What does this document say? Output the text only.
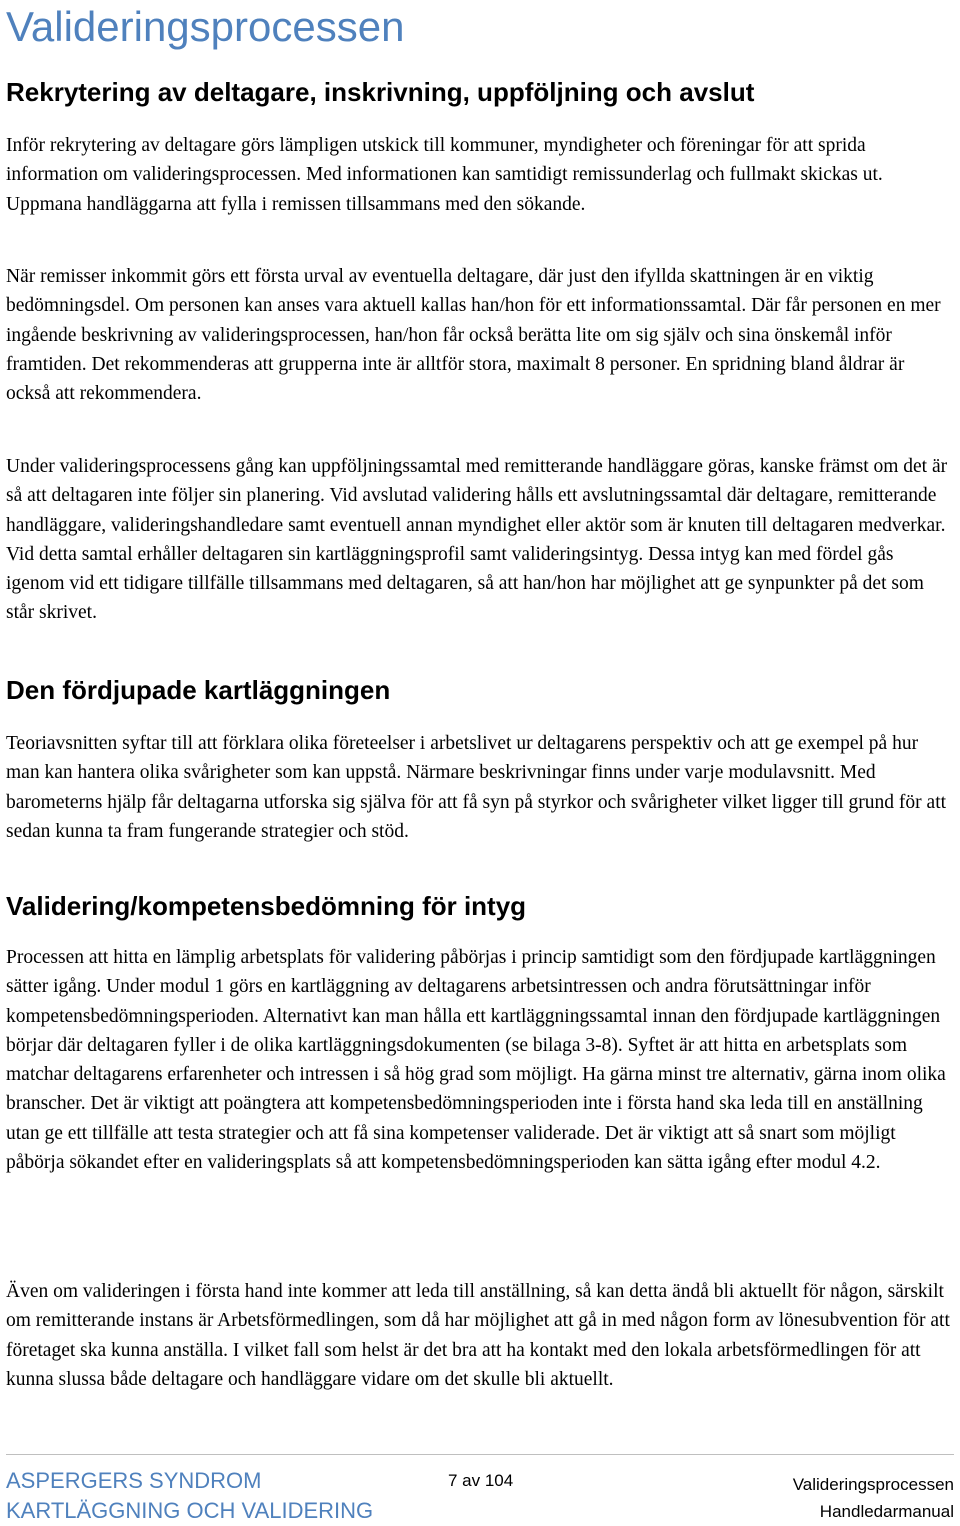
Valideringsprocessen
Rekrytering av deltagare, inskrivning, uppföljning och avslut

Inför rekrytering av deltagare görs lämpligen utskick till kommuner, myndigheter och föreningar för att sprida information om valideringsprocessen. Med informationen kan samtidigt remissunderlag och fullmakt skickas ut. Uppmana handläggarna att fylla i remissen tillsammans med den sökande.

När remisser inkommit görs ett första urval av eventuella deltagare, där just den ifyllda skattningen är en viktig bedömningsdel. Om personen kan anses vara aktuell kallas han/hon för ett informationssamtal. Där får personen en mer ingående beskrivning av valideringsprocessen, han/hon får också berätta lite om sig själv och sina önskemål inför framtiden. Det rekommenderas att grupperna inte är alltför stora, maximalt 8 personer. En spridning bland åldrar är också att rekommendera.

Under valideringsprocessens gång kan uppföljningssamtal med remitterande handläggare göras, kanske främst om det är så att deltagaren inte följer sin planering. Vid avslutad validering hålls ett avslutningssamtal där deltagare, remitterande handläggare, valideringshandledare samt eventuell annan myndighet eller aktör som är knuten till deltagaren medverkar. Vid detta samtal erhåller deltagaren sin kartläggningsprofil samt valideringsintyg. Dessa intyg kan med fördel gås igenom vid ett tidigare tillfälle tillsammans med deltagaren, så att han/hon har möjlighet att ge synpunkter på det som står skrivet.

Den fördjupade kartläggningen

Teoriavsnitten syftar till att förklara olika företeelser i arbetslivet ur deltagarens perspektiv och att ge exempel på hur man kan hantera olika svårigheter som kan uppstå. Närmare beskrivningar finns under varje modulavsnitt. Med barometerns hjälp får deltagarna utforska sig själva för att få syn på styrkor och svårigheter vilket ligger till grund för att sedan kunna ta fram fungerande strategier och stöd.

Validering/kompetensbedömning för intyg

Processen att hitta en lämplig arbetsplats för validering påbörjas i princip samtidigt som den fördjupade kartläggningen sätter igång. Under modul 1 görs en kartläggning av deltagarens arbetsintressen och andra förutsättningar inför kompetensbedömningsperioden. Alternativt kan man hålla ett kartläggningssamtal innan den fördjupade kartläggningen börjar där deltagaren fyller i de olika kartläggningsdokumenten (se bilaga 3-8). Syftet är att hitta en arbetsplats som matchar deltagarens erfarenheter och intressen i så hög grad som möjligt. Ha gärna minst tre alternativ, gärna inom olika branscher. Det är viktigt att poängtera att kompetensbedömningsperioden inte i första hand ska leda till en anställning utan ge ett tillfälle att testa strategier och att få sina kompetenser validerade. Det är viktigt att så snart som möjligt påbörja sökandet efter en valideringsplats så att kompetensbedömningsperioden kan sätta igång efter modul 4.2.

Även om valideringen i första hand inte kommer att leda till anställning, så kan detta ändå bli aktuellt för någon, särskilt om remitterande instans är Arbetsförmedlingen, som då har möjlighet att gå in med någon form av lönesubvention för att företaget ska kunna anställa. I vilket fall som helst är det bra att ha kontakt med den lokala arbetsförmedlingen för att kunna slussa både deltagare och handläggare vidare om det skulle bli aktuellt.

ASPERGERS SYNDROM
KARTLÄGGNING OCH VALIDERING
7 av 104	Valideringsprocessen
Handledarmanual
